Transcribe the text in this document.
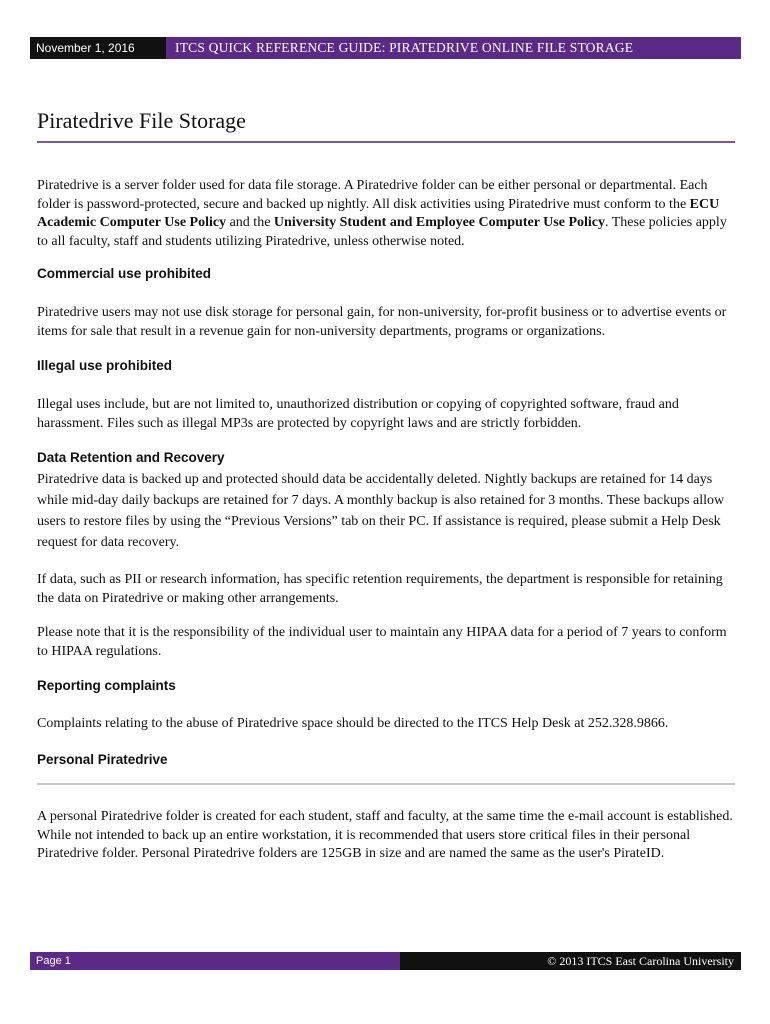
November 1, 2016	ITCS QUICK REFERENCE GUIDE: PIRATEDRIVE ONLINE FILE STORAGE
Piratedrive File Storage

Piratedrive is a server folder used for data file storage. A Piratedrive folder can be either personal or departmental. Each folder is password-protected, secure and backed up nightly. All disk activities using Piratedrive must conform to the ECU Academic Computer Use Policy and the University Student and Employee Computer Use Policy. These policies apply to all faculty, staff and students utilizing Piratedrive, unless otherwise noted.

Commercial use prohibited

Piratedrive users may not use disk storage for personal gain, for non-university, for-profit business or to advertise events or items for sale that result in a revenue gain for non-university departments, programs or organizations.

Illegal use prohibited

Illegal uses include, but are not limited to, unauthorized distribution or copying of copyrighted software, fraud and harassment. Files such as illegal MP3s are protected by copyright laws and are strictly forbidden.

Data Retention and Recovery

Piratedrive data is backed up and protected should data be accidentally deleted. Nightly backups are retained for 14 days while mid-day daily backups are retained for 7 days. A monthly backup is also retained for 3 months. These backups allow users to restore files by using the “Previous Versions” tab on their PC. If assistance is required, please submit a Help Desk request for data recovery.

If data, such as PII or research information, has specific retention requirements, the department is responsible for retaining the data on Piratedrive or making other arrangements.

Please note that it is the responsibility of the individual user to maintain any HIPAA data for a period of 7 years to conform to HIPAA regulations.

Reporting complaints

Complaints relating to the abuse of Piratedrive space should be directed to the ITCS Help Desk at 252.328.9866.

Personal Piratedrive

A personal Piratedrive folder is created for each student, staff and faculty, at the same time the e-mail account is established. While not intended to back up an entire workstation, it is recommended that users store critical files in their personal Piratedrive folder. Personal Piratedrive folders are 125GB in size and are named the same as the user's PirateID.

Page 1	© 2013 ITCS East Carolina University
